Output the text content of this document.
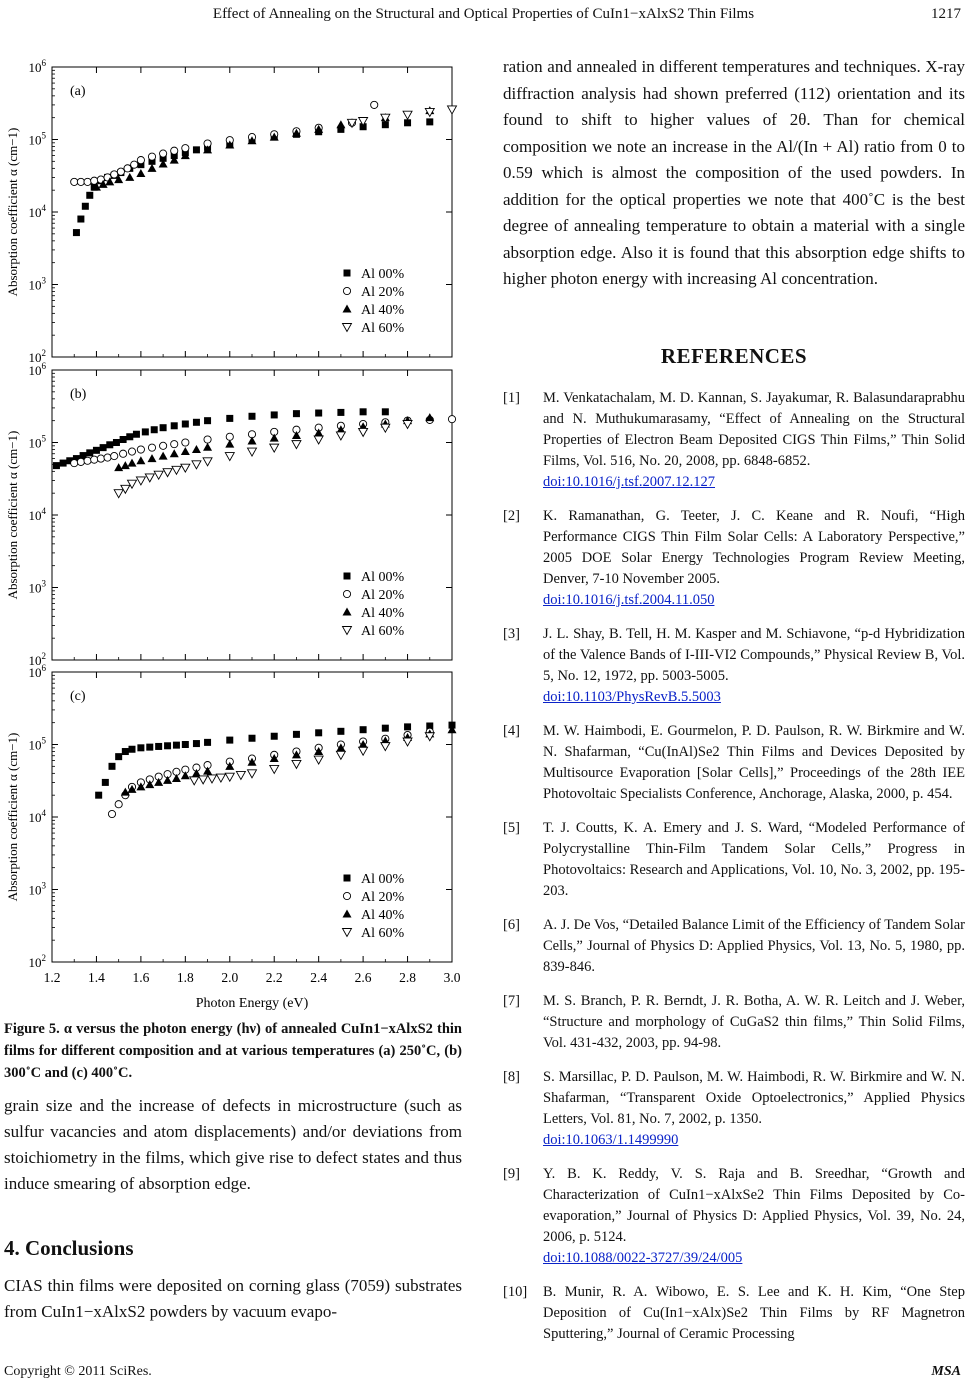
Effect of Annealing on the Structural and Optical Properties of CuIn1−xAlxS2 Thin Films	1217
$10^6$
$10^5$
$10^4$
$10^3$
$10^2$
Absorption coefficient α (cm−1)
(a)
Al 00%
Al 20%
Al 40%
Al 60%
$10^6$
$10^5$
$10^4$
$10^3$
$10^2$
Absorption coefficient α (cm−1)
(b)
Al 00%
Al 20%
Al 40%
Al 60%
$10^6$
$10^5$
$10^4$
$10^3$
$10^2$
1.2 1.4 1.6 1.8 2.0 2.2 2.4 2.6 2.8 3.0
Photon Energy (eV)
Absorption coefficient α (cm−1)
(c)
Al 00%
Al 20%
Al 40%
Al 60%
Figure 5. α versus the photon energy (hν) of annealed CuIn1−xAlxS2 thin films for different composition and at various temperatures (a) 250˚C, (b) 300˚C and (c) 400˚C.

grain size and the increase of defects in microstructure (such as sulfur vacancies and atom displacements) and/or deviations from stoichiometry in the films, which give rise to defect states and thus induce smearing of absorption edge.

4. Conclusions
CIAS thin films were deposited on corning glass (7059) substrates from CuIn1−xAlxS2 powders by vacuum evapo-

ration and annealed in different temperatures and techniques. X-ray diffraction analysis had shown preferred (112) orientation and its found to shift to higher values of 2θ. Than for chemical composition we note an increase in the Al/(In + Al) ratio from 0 to 0.59 which is almost the composition of the used powders. In addition for the optical properties we note that 400˚C is the best degree of annealing temperature to obtain a material with a single absorption edge. Also it is found that this absorption edge shifts to higher photon energy with increasing Al concentration.

REFERENCES
[1] M. Venkatachalam, M. D. Kannan, S. Jayakumar, R. Balasundaraprabhu and N. Muthukumarasamy, “Effect of Annealing on the Structural Properties of Electron Beam Deposited CIGS Thin Films,” Thin Solid Films, Vol. 516, No. 20, 2008, pp. 6848-6852.
doi:10.1016/j.tsf.2007.12.127
[2] K. Ramanathan, G. Teeter, J. C. Keane and R. Noufi, “High Performance CIGS Thin Film Solar Cells: A Laboratory Perspective,” 2005 DOE Solar Energy Technologies Program Review Meeting, Denver, 7-10 November 2005.
doi:10.1016/j.tsf.2004.11.050
[3] J. L. Shay, B. Tell, H. M. Kasper and M. Schiavone, “p-d Hybridization of the Valence Bands of I-III-VI2 Compounds,” Physical Review B, Vol. 5, No. 12, 1972, pp. 5003-5005.
doi:10.1103/PhysRevB.5.5003
[4] M. W. Haimbodi, E. Gourmelon, P. D. Paulson, R. W. Birkmire and W. N. Shafarman, “Cu(InAl)Se2 Thin Films and Devices Deposited by Multisource Evaporation [Solar Cells],” Proceedings of the 28th IEE Photovoltaic Specialists Conference, Anchorage, Alaska, 2000, p. 454.
[5] T. J. Coutts, K. A. Emery and J. S. Ward, “Modeled Performance of Polycrystalline Thin-Film Tandem Solar Cells,” Progress in Photovoltaics: Research and Applications, Vol. 10, No. 3, 2002, pp. 195-203.
[6] A. J. De Vos, “Detailed Balance Limit of the Efficiency of Tandem Solar Cells,” Journal of Physics D: Applied Physics, Vol. 13, No. 5, 1980, pp. 839-846.
[7] M. S. Branch, P. R. Berndt, J. R. Botha, A. W. R. Leitch and J. Weber, “Structure and morphology of CuGaS2 thin films,” Thin Solid Films, Vol. 431-432, 2003, pp. 94-98.
[8] S. Marsillac, P. D. Paulson, M. W. Haimbodi, R. W. Birkmire and W. N. Shafarman, “Transparent Oxide Optoelectronics,” Applied Physics Letters, Vol. 81, No. 7, 2002, p. 1350.
doi:10.1063/1.1499990
[9] Y. B. K. Reddy, V. S. Raja and B. Sreedhar, “Growth and Characterization of CuIn1−xAlxSe2 Thin Films Deposited by Co-evaporation,” Journal of Physics D: Applied Physics, Vol. 39, No. 24, 2006, p. 5124.
doi:10.1088/0022-3727/39/24/005
[10] B. Munir, R. A. Wibowo, E. S. Lee and K. H. Kim, “One Step Deposition of Cu(In1−xAlx)Se2 Thin Films by RF Magnetron Sputtering,” Journal of Ceramic Processing
Copyright © 2011 SciRes.	MSA
